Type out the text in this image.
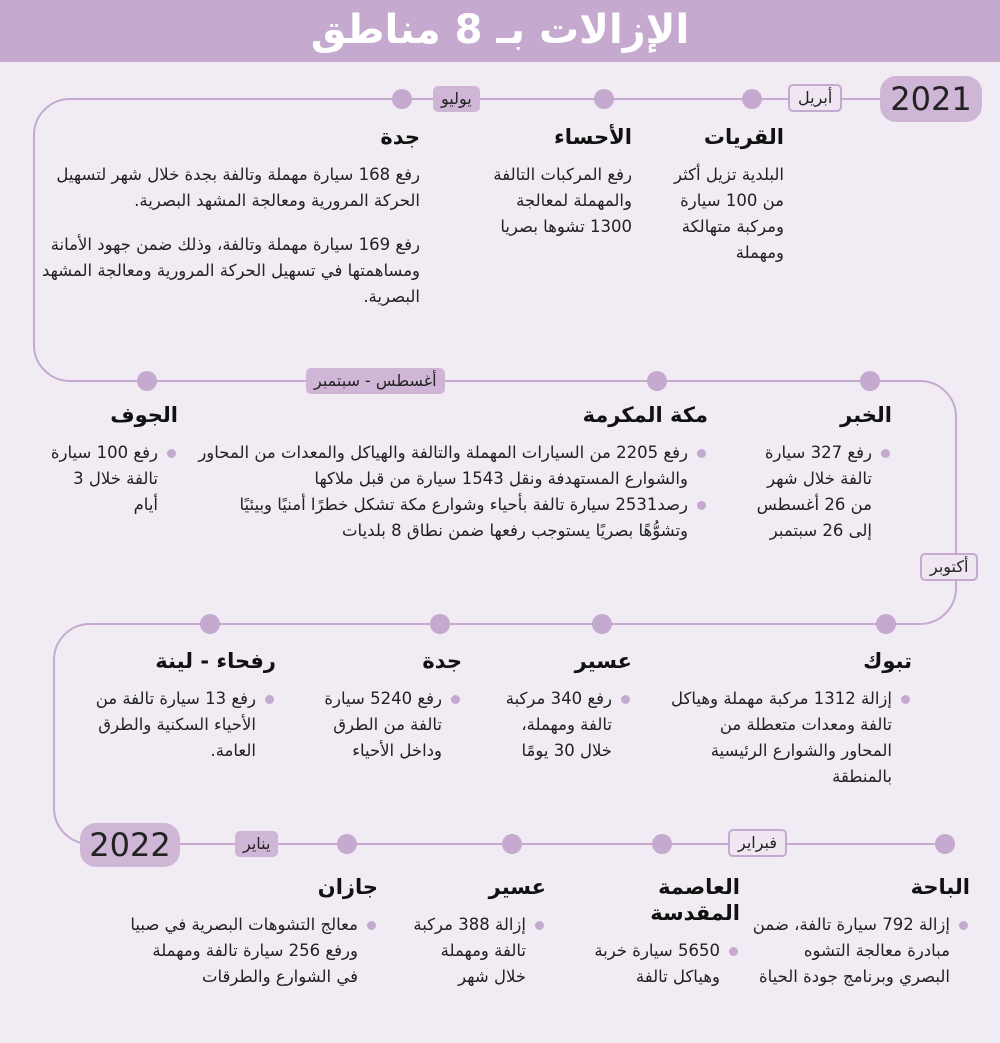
الإزالات بـ 8 مناطق
2021
2022
أبريل
يوليو
أغسطس - سبتمبر
أكتوبر
فبراير
يناير
القريات

البلدية تزيل أكثر من 100 سيارة ومركبة متهالكة ومهملة

الأحساء

رفع المركبات التالفة والمهملة لمعالجة 1300 تشوها بصريا

جدة

رفع 168 سيارة مهملة وتالفة بجدة خلال شهر لتسهيل الحركة المرورية ومعالجة المشهد البصرية.

رفع 169 سيارة مهملة وتالفة، وذلك ضمن جهود الأمانة ومساهمتها في تسهيل الحركة المرورية ومعالجة المشهد البصرية.

الخبر

رفع 327 سيارة تالفة خلال شهر من 26 أغسطس إلى 26 سبتمبر

مكة المكرمة

رفع 2205 من السيارات المهملة والتالفة والهياكل والمعدات من المحاور والشوارع المستهدفة ونقل 1543 سيارة من قبل ملاكها

رصد2531 سيارة تالفة بأحياء وشوارع مكة تشكل خطرًا أمنيًا وبيئيًا وتشوُّهًا بصريًا يستوجب رفعها ضمن نطاق 8 بلديات

الجوف

رفع 100 سيارة تالفة خلال 3 أيام

تبوك

إزالة 1312 مركبة مهملة وهياكل تالفة ومعدات متعطلة من المحاور والشوارع الرئيسية بالمنطقة

عسير

رفع 340 مركبة تالفة ومهملة، خلال 30 يومًا

جدة

رفع 5240 سيارة تالفة من الطرق وداخل الأحياء

رفحاء - لينة

رفع 13 سيارة تالفة من الأحياء السكنية والطرق العامة.

الباحة

إزالة 792 سيارة تالفة، ضمن مبادرة معالجة التشوه البصري وبرنامج جودة الحياة

العاصمة المقدسة

5650 سيارة خربة وهياكل تالفة

عسير

إزالة 388 مركبة تالفة ومهملة خلال شهر

جازان

معالج التشوهات البصرية في صبيا ورفع 256 سيارة تالفة ومهملة في الشوارع والطرقات
